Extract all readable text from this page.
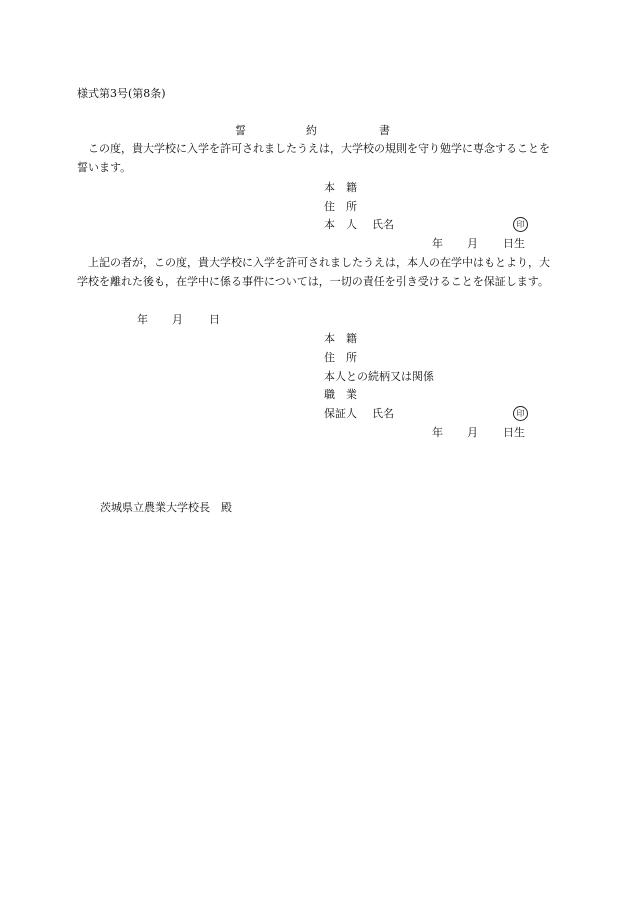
様式第3号(第8条)
誓	約	書
この度，貴大学校に入学を許可されましたうえは，大学校の規則を守り勉学に専念することを誓います。
本　籍
住　所
本　人 氏名	印
年 月 日生
上記の者が，この度，貴大学校に入学を許可されましたうえは，本人の在学中はもとより，大学校を離れた後も，在学中に係る事件については，一切の責任を引き受けることを保証します。
年 月 日
本　籍
住　所
本人との続柄又は関係
職　業
保証人 氏名	印
年 月 日生
茨城県立農業大学校長　殿
